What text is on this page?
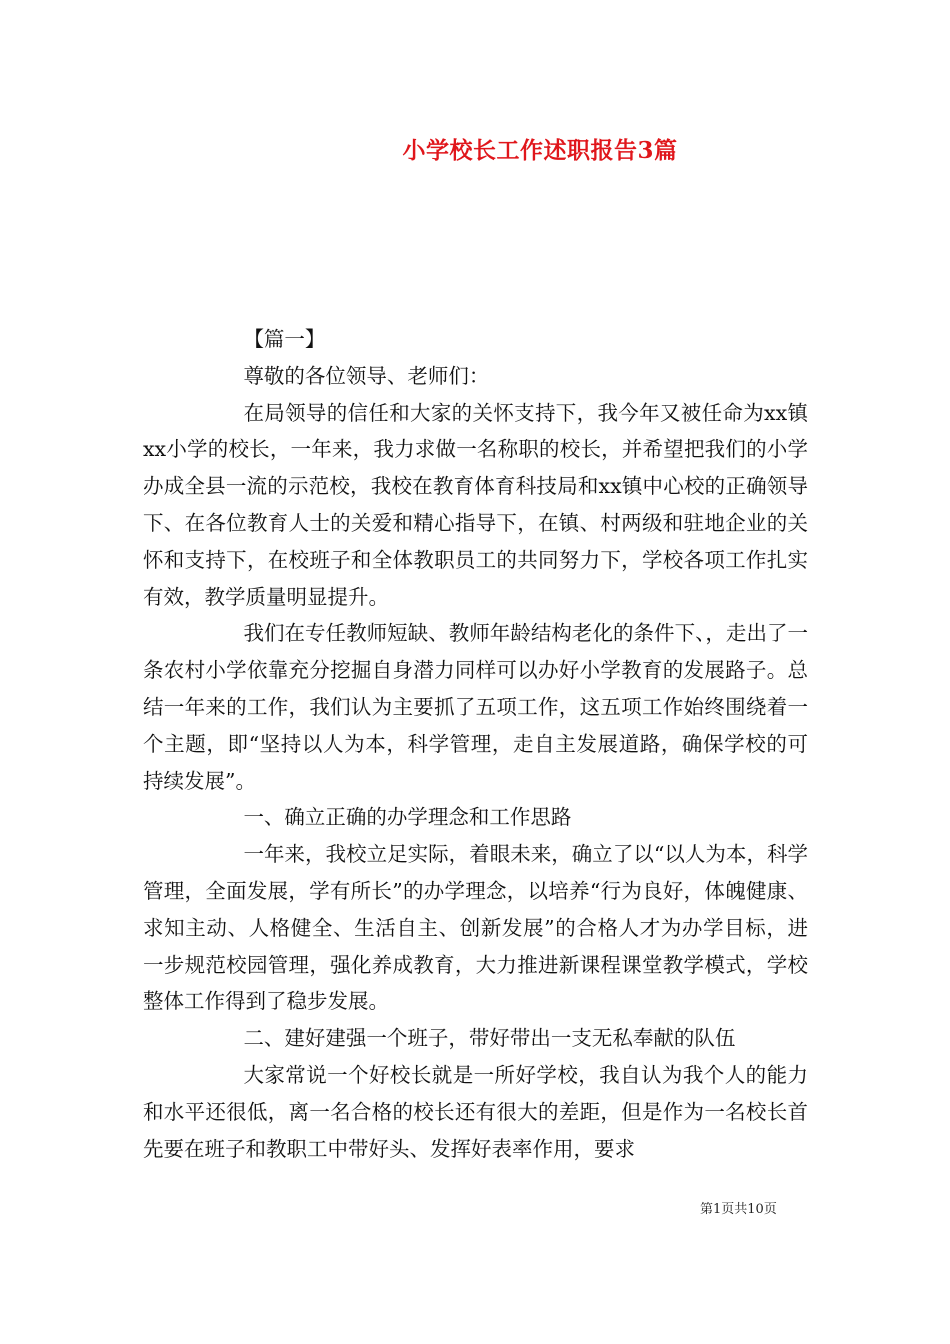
小学校长工作述职报告3篇

【篇一】

尊敬的各位领导、老师们：

在局领导的信任和大家的关怀支持下，我今年又被任命为xx镇xx小学的校长，一年来，我力求做一名称职的校长，并希望把我们的小学办成全县一流的示范校，我校在教育体育科技局和xx镇中心校的正确领导下、在各位教育人士的关爱和精心指导下，在镇、村两级和驻地企业的关怀和支持下，在校班子和全体教职员工的共同努力下，学校各项工作扎实有效，教学质量明显提升。

我们在专任教师短缺、教师年龄结构老化的条件下、，走出了一条农村小学依靠充分挖掘自身潜力同样可以办好小学教育的发展路子。总结一年来的工作，我们认为主要抓了五项工作，这五项工作始终围绕着一个主题，即“坚持以人为本，科学管理，走自主发展道路，确保学校的可持续发展”。

一、确立正确的办学理念和工作思路

一年来，我校立足实际，着眼未来，确立了以“以人为本，科学管理，全面发展，学有所长”的办学理念，以培养“行为良好，体魄健康、求知主动、人格健全、生活自主、创新发展”的合格人才为办学目标，进一步规范校园管理，强化养成教育，大力推进新课程课堂教学模式，学校整体工作得到了稳步发展。

二、建好建强一个班子，带好带出一支无私奉献的队伍

大家常说一个好校长就是一所好学校，我自认为我个人的能力和水平还很低，离一名合格的校长还有很大的差距，但是作为一名校长首先要在班子和教职工中带好头、发挥好表率作用，要求

第1页共10页
